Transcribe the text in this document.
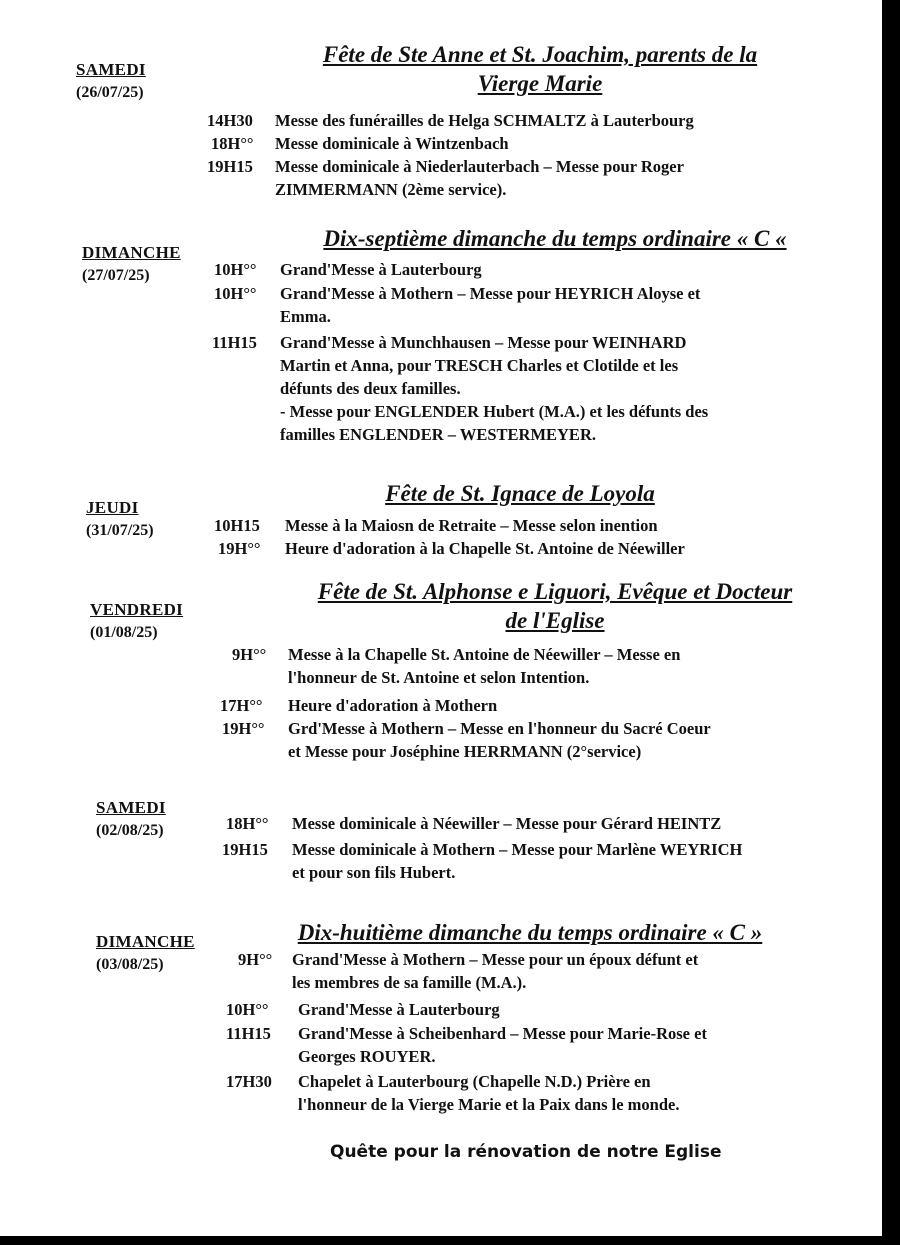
SAMEDI
(26/07/25)
Fête de Ste Anne et St. Joachim, parents de la
Vierge Marie
14H30 Messe des funérailles de Helga SCHMALTZ à Lauterbourg
18H°° Messe dominicale à Wintzenbach
19H15 Messe dominicale à Niederlauterbach – Messe pour Roger
ZIMMERMANN (2ème service).
DIMANCHE
(27/07/25)
Dix-septième dimanche du temps ordinaire « C «
10H°° Grand'Messe à Lauterbourg
10H°° Grand'Messe à Mothern – Messe pour HEYRICH Aloyse et
Emma.
11H15 Grand'Messe à Munchhausen – Messe pour WEINHARD
Martin et Anna, pour TRESCH Charles et Clotilde et les
défunts des deux familles.
- Messe pour ENGLENDER Hubert (M.A.) et les défunts des
familles ENGLENDER – WESTERMEYER.
JEUDI
(31/07/25)
Fête de St. Ignace de Loyola
10H15 Messe à la Maiosn de Retraite – Messe selon inention
19H°° Heure d'adoration à la Chapelle St. Antoine de Néewiller
VENDREDI
(01/08/25)
Fête de St. Alphonse e Liguori, Evêque et Docteur
de l'Eglise
9H°° Messe à la Chapelle St. Antoine de Néewiller – Messe en
l'honneur de St. Antoine et selon Intention.
17H°° Heure d'adoration à Mothern
19H°° Grd'Messe à Mothern – Messe en l'honneur du Sacré Coeur
et Messe pour Joséphine HERRMANN (2°service)
SAMEDI
(02/08/25)	18H°° Messe dominicale à Néewiller – Messe pour Gérard HEINTZ
19H15 Messe dominicale à Mothern – Messe pour Marlène WEYRICH
et pour son fils Hubert.
DIMANCHE
(03/08/25)
Dix-huitième dimanche du temps ordinaire « C »
9H°° Grand'Messe à Mothern – Messe pour un époux défunt et
les membres de sa famille (M.A.).
10H°° Grand'Messe à Lauterbourg
11H15 Grand'Messe à Scheibenhard – Messe pour Marie-Rose et
Georges ROUYER.
17H30 Chapelet à Lauterbourg (Chapelle N.D.) Prière en
l'honneur de la Vierge Marie et la Paix dans le monde.
Quête pour la rénovation de notre Eglise
